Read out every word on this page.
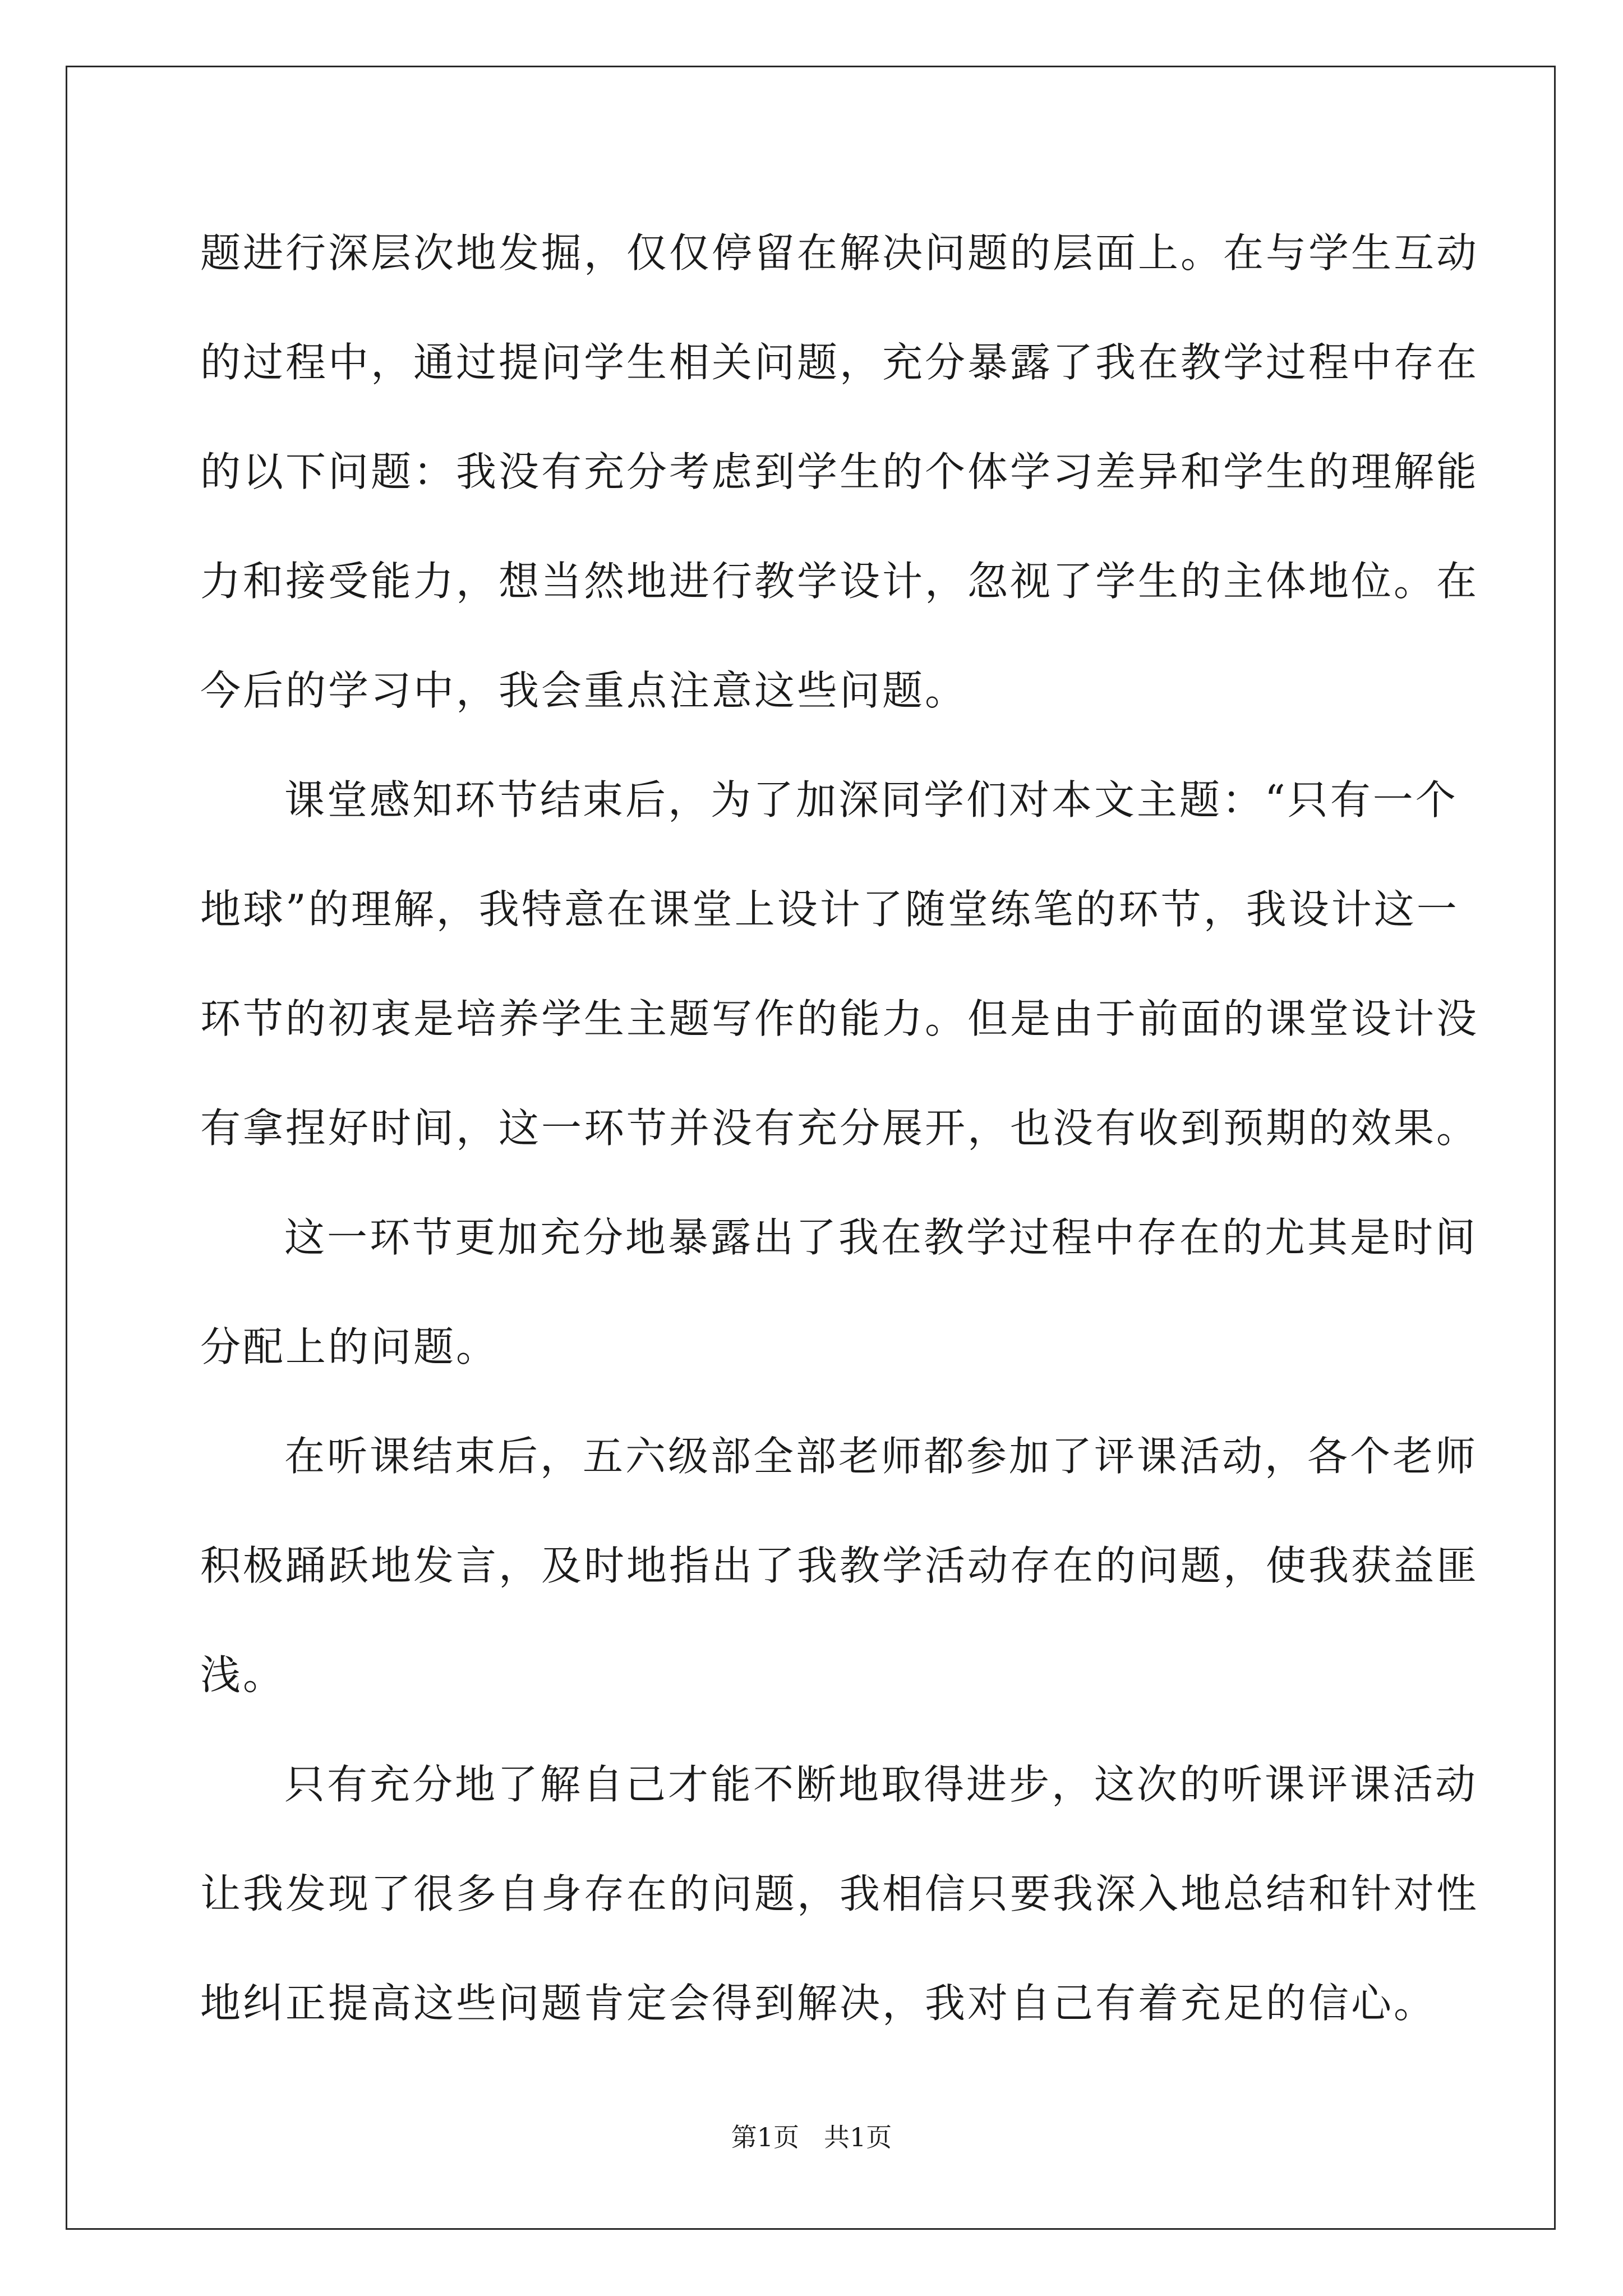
题进行深层次地发掘，仅仅停留在解决问题的层面上。在与学生互动
的过程中，通过提问学生相关问题，充分暴露了我在教学过程中存在
的以下问题：我没有充分考虑到学生的个体学习差异和学生的理解能
力和接受能力，想当然地进行教学设计，忽视了学生的主体地位。在
今后的学习中，我会重点注意这些问题。
课堂感知环节结束后，为了加深同学们对本文主题：“只有一个
地球”的理解，我特意在课堂上设计了随堂练笔的环节，我设计这一
环节的初衷是培养学生主题写作的能力。但是由于前面的课堂设计没
有拿捏好时间，这一环节并没有充分展开，也没有收到预期的效果。
这一环节更加充分地暴露出了我在教学过程中存在的尤其是时间
分配上的问题。
在听课结束后，五六级部全部老师都参加了评课活动，各个老师
积极踊跃地发言，及时地指出了我教学活动存在的问题，使我获益匪
浅。
只有充分地了解自己才能不断地取得进步，这次的听课评课活动
让我发现了很多自身存在的问题，我相信只要我深入地总结和针对性
地纠正提高这些问题肯定会得到解决，我对自己有着充足的信心。
第1页 共1页
